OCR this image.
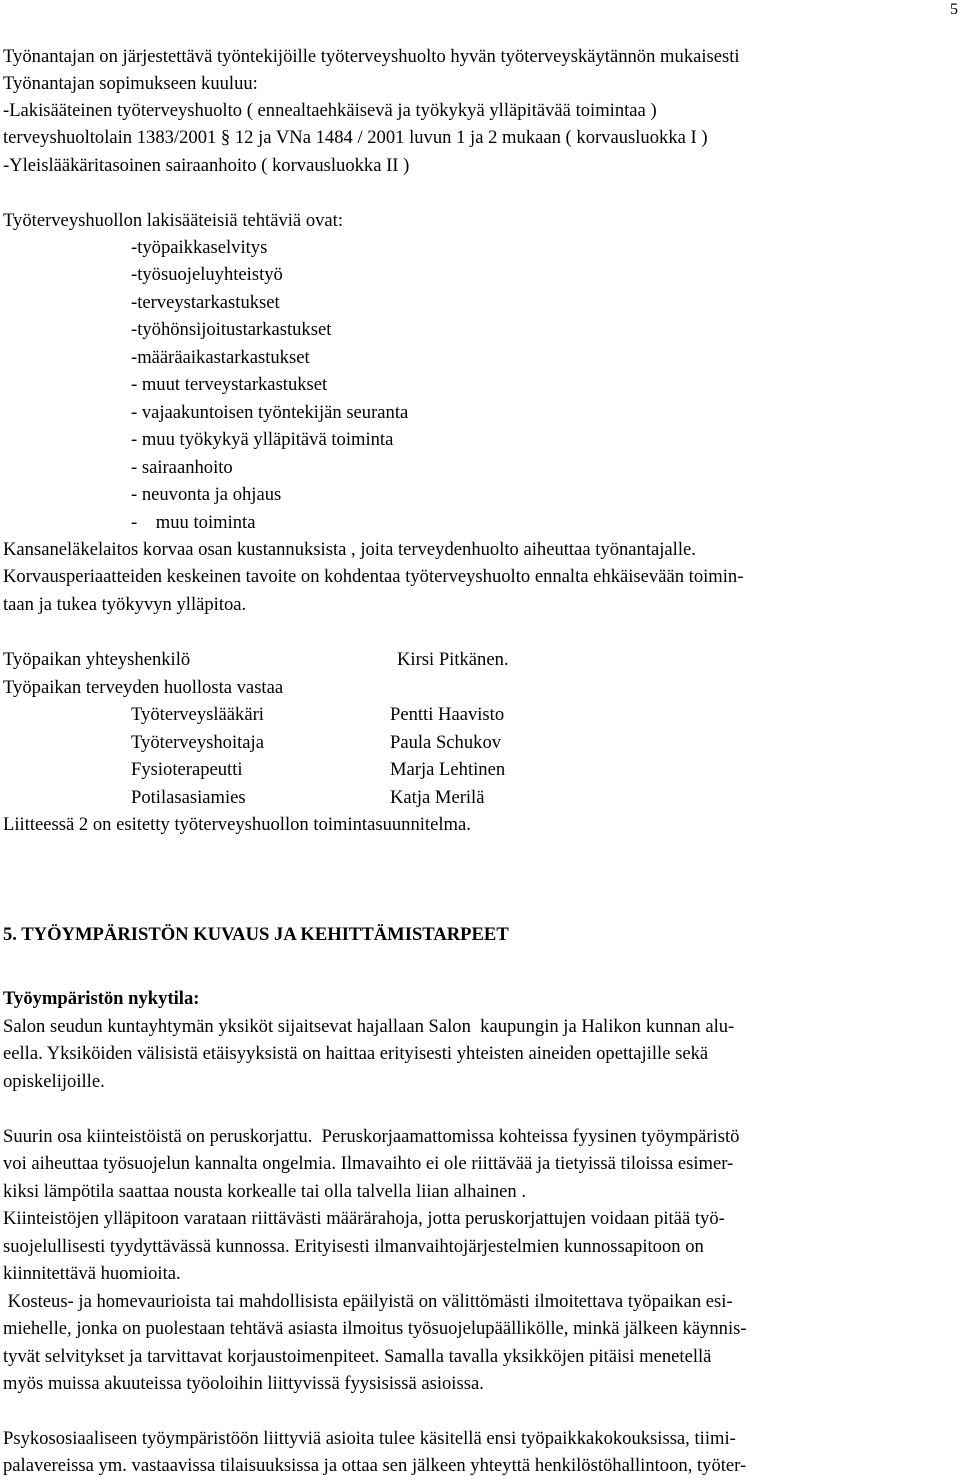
5
Työnantajan on järjestettävä työntekijöille työterveyshuolto hyvän työterveyskäytännön mukaisesti
Työnantajan sopimukseen kuuluu:
-Lakisääteinen työterveyshuolto ( ennealtaehkäisevä ja työkykyä ylläpitävää toimintaa )
terveyshuoltolain 1383/2001 § 12 ja VNa 1484 / 2001 luvun 1 ja 2 mukaan ( korvausluokka I )
-Yleislääkäritasoinen sairaanhoito ( korvausluokka II )
Työterveyshuollon lakisääteisiä tehtäviä ovat:
-työpaikkaselvitys
-työsuojeluyhteistyö
-terveystarkastukset
-työhönsijoitustarkastukset
-määräaikastarkastukset
- muut terveystarkastukset
- vajaakuntoisen työntekijän seuranta
- muu työkykyä ylläpitävä toiminta
- sairaanhoito
- neuvonta ja ohjaus
-    muu toiminta
Kansaneläkelaitos korvaa osan kustannuksista , joita terveydenhuolto aiheuttaa työnantajalle.
Korvausperiaatteiden keskeinen tavoite on kohdentaa työterveyshuolto ennalta ehkäisevään toimin-
taan ja tukea työkyvyn ylläpitoa.
Työpaikan yhteyshenkilö	Kirsi Pitkänen.
Työpaikan terveyden huollosta vastaa
Työterveyslääkäri	Pentti Haavisto
Työterveyshoitaja	Paula Schukov
Fysioterapeutti	Marja Lehtinen
Potilasasiamies	Katja Merilä
Liitteessä 2 on esitetty työterveyshuollon toimintasuunnitelma.
5. TYÖYMPÄRISTÖN KUVAUS JA KEHITTÄMISTARPEET
Työympäristön nykytila:
Salon seudun kuntayhtymän yksiköt sijaitsevat hajallaan Salon  kaupungin ja Halikon kunnan alu-
eella. Yksiköiden välisistä etäisyyksistä on haittaa erityisesti yhteisten aineiden opettajille sekä
opiskelijoille.
Suurin osa kiinteistöistä on peruskorjattu.  Peruskorjaamattomissa kohteissa fyysinen työympäristö
voi aiheuttaa työsuojelun kannalta ongelmia. Ilmavaihto ei ole riittävää ja tietyissä tiloissa esimer-
kiksi lämpötila saattaa nousta korkealle tai olla talvella liian alhainen .
Kiinteistöjen ylläpitoon varataan riittävästi määrärahoja, jotta peruskorjattujen voidaan pitää työ-
suojelullisesti tyydyttävässä kunnossa. Erityisesti ilmanvaihtojärjestelmien kunnossapitoon on
kiinnitettävä huomioita.
Kosteus- ja homevaurioista tai mahdollisista epäilyistä on välittömästi ilmoitettava työpaikan esi-
miehelle, jonka on puolestaan tehtävä asiasta ilmoitus työsuojelupäällikölle, minkä jälkeen käynnis-
tyvät selvitykset ja tarvittavat korjaustoimenpiteet. Samalla tavalla yksikköjen pitäisi menetellä
myös muissa akuuteissa työoloihin liittyvissä fyysisissä asioissa.
Psykososiaaliseen työympäristöön liittyviä asioita tulee käsitellä ensi työpaikkakokouksissa, tiimi-
palavereissa ym. vastaavissa tilaisuuksissa ja ottaa sen jälkeen yhteyttä henkilöstöhallintoon, työter-
